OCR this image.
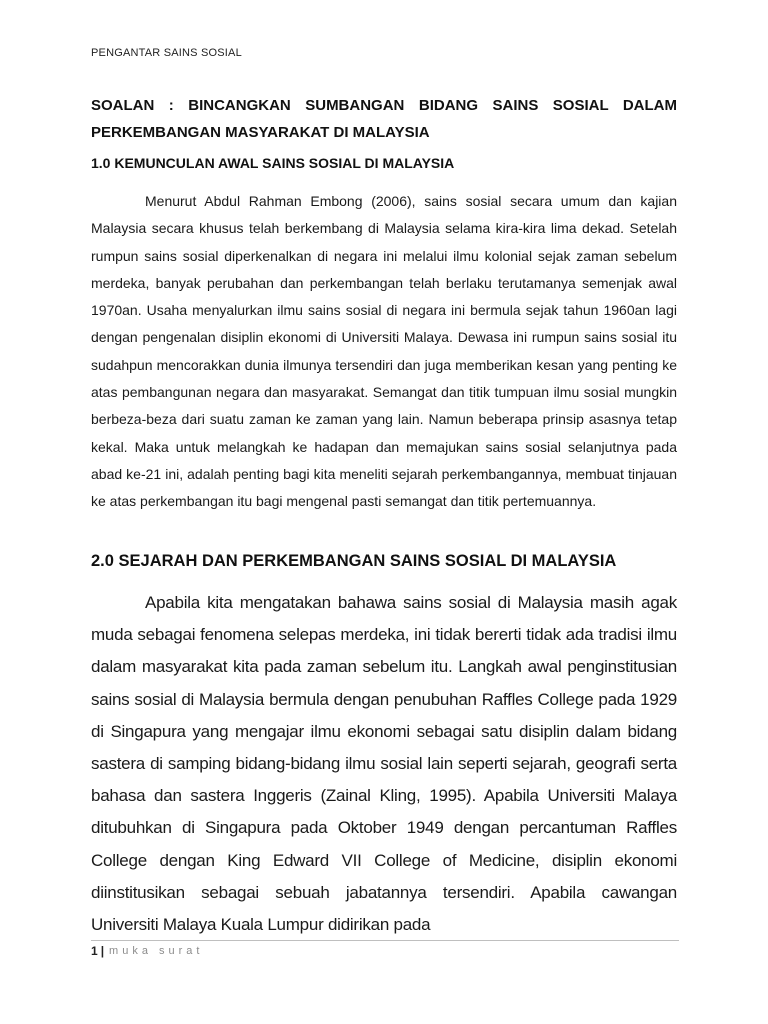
PENGANTAR SAINS SOSIAL
SOALAN : BINCANGKAN SUMBANGAN BIDANG SAINS SOSIAL DALAM PERKEMBANGAN MASYARAKAT DI MALAYSIA
1.0 KEMUNCULAN AWAL SAINS SOSIAL DI MALAYSIA

Menurut Abdul Rahman Embong (2006), sains sosial secara umum dan kajian Malaysia secara khusus telah berkembang di Malaysia selama kira-kira lima dekad. Setelah rumpun sains sosial diperkenalkan di negara ini melalui ilmu kolonial sejak zaman sebelum merdeka, banyak perubahan dan perkembangan telah berlaku terutamanya semenjak awal 1970an. Usaha menyalurkan ilmu sains sosial di negara ini bermula sejak tahun 1960an lagi dengan pengenalan disiplin ekonomi di Universiti Malaya. Dewasa ini rumpun sains sosial itu sudahpun mencorakkan dunia ilmunya tersendiri dan juga memberikan kesan yang penting ke atas pembangunan negara dan masyarakat. Semangat dan titik tumpuan ilmu sosial mungkin berbeza-beza dari suatu zaman ke zaman yang lain. Namun beberapa prinsip asasnya tetap kekal. Maka untuk melangkah ke hadapan dan memajukan sains sosial selanjutnya pada abad ke-21 ini, adalah penting bagi kita meneliti sejarah perkembangannya, membuat tinjauan ke atas perkembangan itu bagi mengenal pasti semangat dan titik pertemuannya.

2.0 SEJARAH DAN PERKEMBANGAN SAINS SOSIAL DI MALAYSIA

Apabila kita mengatakan bahawa sains sosial di Malaysia masih agak muda sebagai fenomena selepas merdeka, ini tidak bererti tidak ada tradisi ilmu dalam masyarakat kita pada zaman sebelum itu. Langkah awal penginstitusian sains sosial di Malaysia bermula dengan penubuhan Raffles College pada 1929 di Singapura yang mengajar ilmu ekonomi sebagai satu disiplin dalam bidang sastera di samping bidang-bidang ilmu sosial lain seperti sejarah, geografi serta bahasa dan sastera Inggeris (Zainal Kling, 1995). Apabila Universiti Malaya ditubuhkan di Singapura pada Oktober 1949 dengan percantuman Raffles College dengan King Edward VII College of Medicine, disiplin ekonomi diinstitusikan sebagai sebuah jabatannya tersendiri. Apabila cawangan Universiti Malaya Kuala Lumpur didirikan pada

1 | muka surat
